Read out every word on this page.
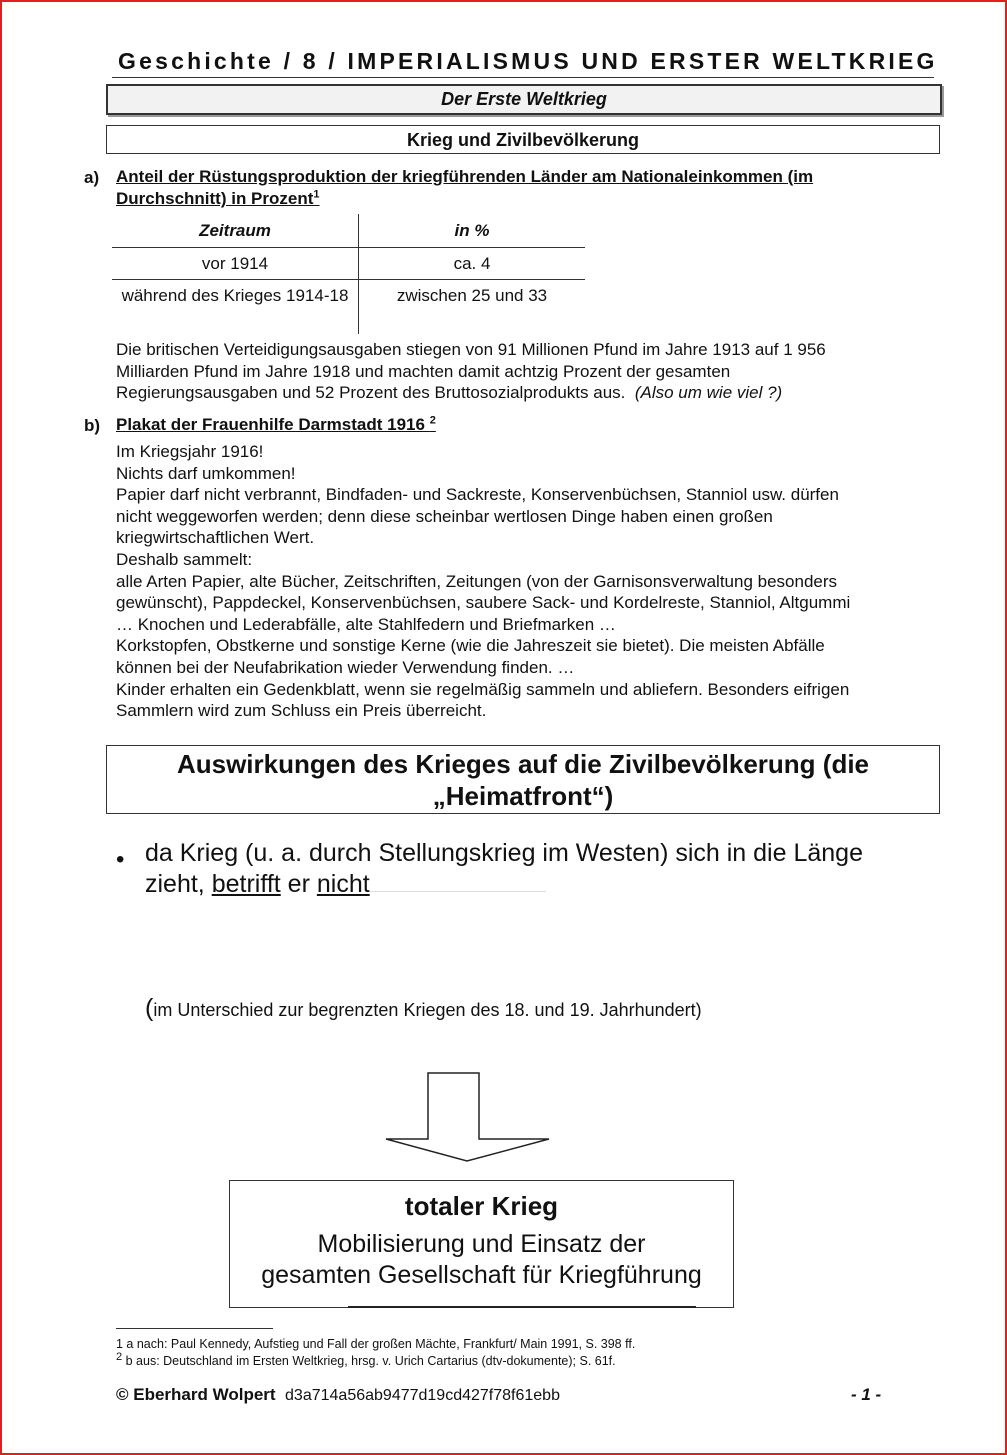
Geschichte / 8 / IMPERIALISMUS UND ERSTER WELTKRIEG
Der Erste Weltkrieg
Krieg und Zivilbevölkerung
a) Anteil der Rüstungsproduktion der kriegführenden Länder am Nationaleinkommen (im
Durchschnitt) in Prozent$^1$
Zeitraum	in %
vor 1914	ca. 4
während des Krieges 1914-18	zwischen 25 und 33
Die britischen Verteidigungsausgaben stiegen von 91 Millionen Pfund im Jahre 1913 auf 1 956
Milliarden Pfund im Jahre 1918 und machten damit achtzig Prozent der gesamten
Regierungsausgaben und 52 Prozent des Bruttosozialprodukts aus. (Also um wie viel ?)
b) Plakat der Frauenhilfe Darmstadt 1916 $^2$
Im Kriegsjahr 1916!
Nichts darf umkommen!
Papier darf nicht verbrannt, Bindfaden- und Sackreste, Konservenbüchsen, Stanniol usw. dürfen
nicht weggeworfen werden; denn diese scheinbar wertlosen Dinge haben einen großen
kriegwirtschaftlichen Wert.
Deshalb sammelt:
alle Arten Papier, alte Bücher, Zeitschriften, Zeitungen (von der Garnisonsverwaltung besonders
gewünscht), Pappdeckel, Konservenbüchsen, saubere Sack- und Kordelreste, Stanniol, Altgummi
… Knochen und Lederabfälle, alte Stahlfedern und Briefmarken …
Korkstopfen, Obstkerne und sonstige Kerne (wie die Jahreszeit sie bietet). Die meisten Abfälle
können bei der Neufabrikation wieder Verwendung finden. …
Kinder erhalten ein Gedenkblatt, wenn sie regelmäßig sammeln und abliefern. Besonders eifrigen
Sammlern wird zum Schluss ein Preis überreicht.
Auswirkungen des Krieges auf die Zivilbevölkerung (die
„Heimatfront“)
• da Krieg (u. a. durch Stellungskrieg im Westen) sich in die Länge
zieht, betrifft er nicht
(im Unterschied zur begrenzten Kriegen des 18. und 19. Jahrhundert)
totaler Krieg
Mobilisierung und Einsatz der
gesamten Gesellschaft für Kriegführung
1 a nach: Paul Kennedy, Aufstieg und Fall der großen Mächte, Frankfurt/ Main 1991, S. 398 ff.
$^2$ b aus: Deutschland im Ersten Weltkrieg, hrsg. v. Urich Cartarius (dtv-dokumente); S. 61f.
© Eberhard Wolpert d3a714a56ab9477d19cd427f78f61ebb	- 1 -
